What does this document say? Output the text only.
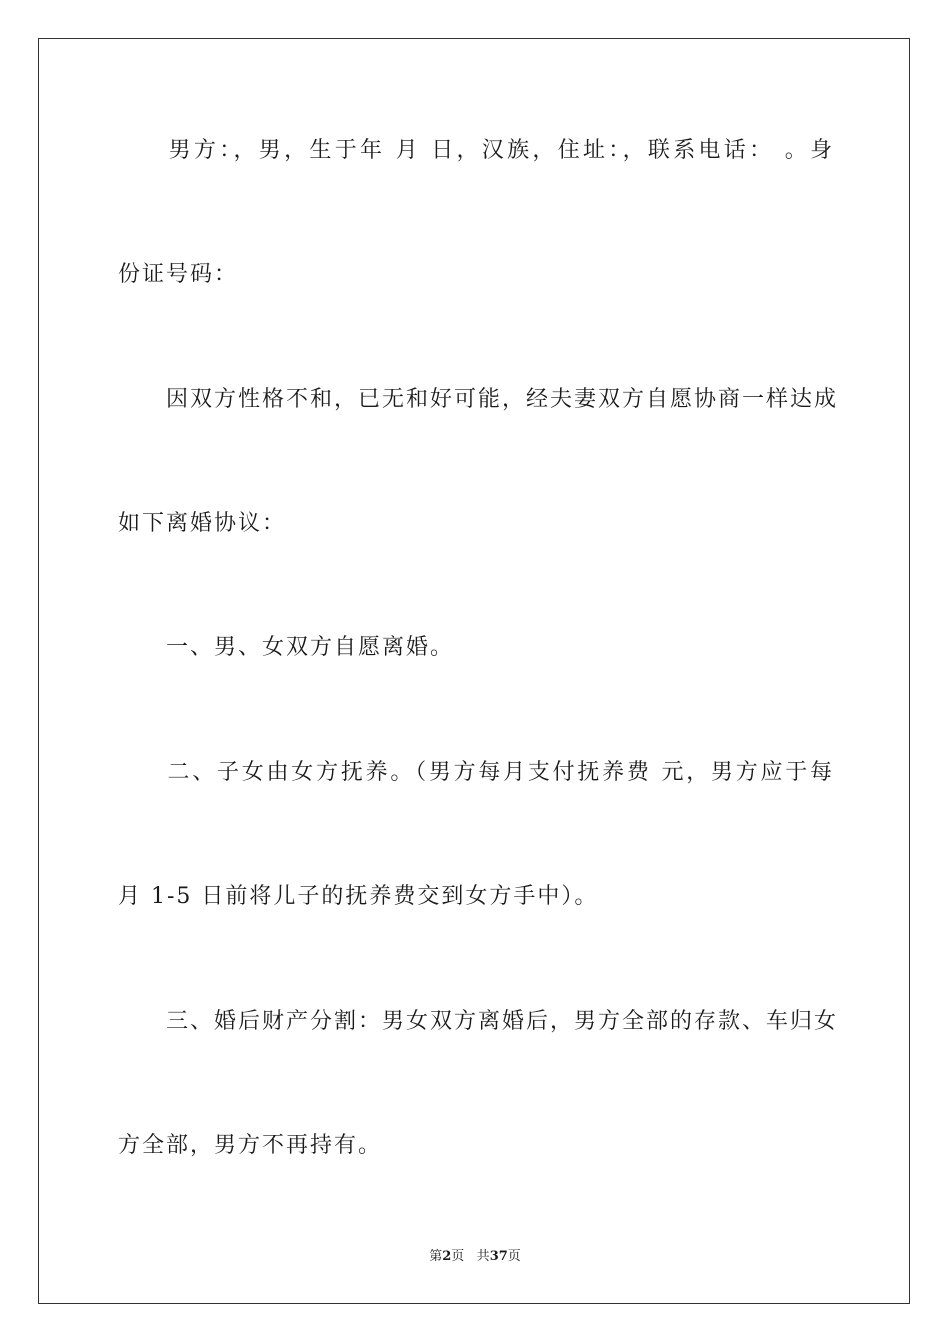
　　男方：，男，生于年 月 日，汉族，住址：，联系电话： 。身
份证号码：
　　因双方性格不和，已无和好可能，经夫妻双方自愿协商一样达成
如下离婚协议：
　　一、男、女双方自愿离婚。
　　二、子女由女方抚养。（男方每月支付抚养费 元，男方应于每
月 1-5 日前将儿子的抚养费交到女方手中）。
　　三、婚后财产分割：男女双方离婚后，男方全部的存款、车归女
方全部，男方不再持有。
第2页 共37页
